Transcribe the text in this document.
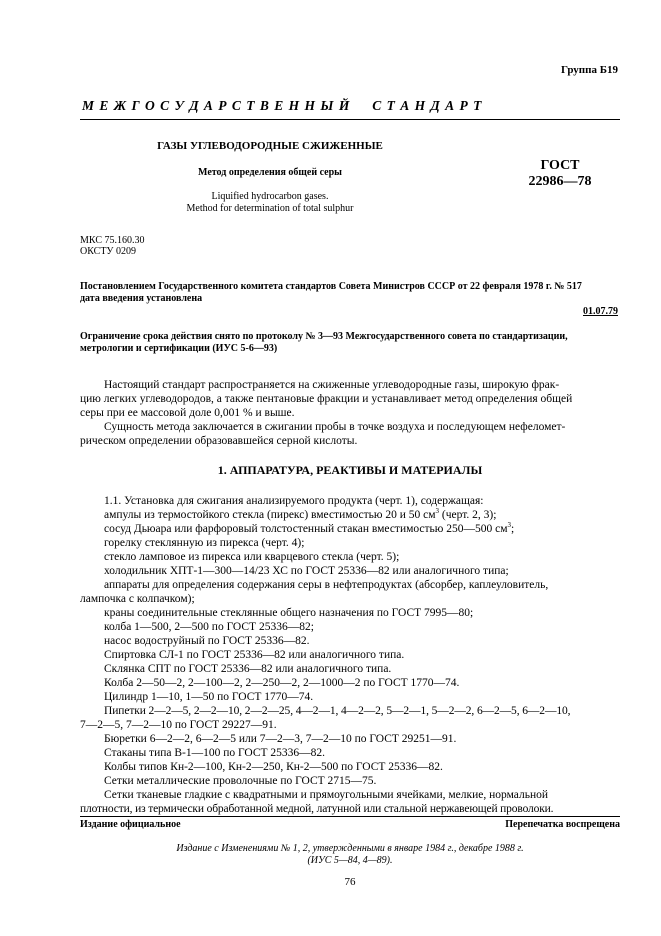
Группа Б19
М Е Ж Г О С У Д А Р С Т В Е Н Н Ы Й     С Т А Н Д А Р Т
ГАЗЫ УГЛЕВОДОРОДНЫЕ СЖИЖЕННЫЕ
Метод определения общей серы
Liquified hydrocarbon gases.
Method for determination of total sulphur
ГОСТ
22986—78
МКС 75.160.30
ОКСТУ 0209
Постановлением Государственного комитета стандартов Совета Министров СССР от 22 февраля 1978 г. № 517
дата введения установлена
01.07.79
Ограничение срока действия снято по протоколу № 3—93 Межгосударственного совета по стандартизации,
метрологии и сертификации (ИУС 5-6—93)
Настоящий стандарт распространяется на сжиженные углеводородные газы, широкую фрак-
цию легких углеводородов, а также пентановые фракции и устанавливает метод определения общей
серы при ее массовой доле 0,001 % и выше.
Сущность метода заключается в сжигании пробы в точке воздуха и последующем нефеломет-
рическом определении образовавшейся серной кислоты.
1. АППАРАТУРА, РЕАКТИВЫ И МАТЕРИАЛЫ
1.1. Установка для сжигания анализируемого продукта (черт. 1), содержащая:
ампулы из термостойкого стекла (пирекс) вместимостью 20 и 50 $см^3$ (черт. 2, 3);
сосуд Дьюара или фарфоровый толстостенный стакан вместимостью 250—500 $см^3$;
горелку стеклянную из пирекса (черт. 4);
стекло ламповое из пирекса или кварцевого стекла (черт. 5);
холодильник ХПТ-1—300—14/23 ХС по ГОСТ 25336—82 или аналогичного типа;
аппараты для определения содержания серы в нефтепродуктах (абсорбер, каплеуловитель,
лампочка с колпачком);
краны соединительные стеклянные общего назначения по ГОСТ 7995—80;
колба 1—500, 2—500 по ГОСТ 25336—82;
насос водоструйный по ГОСТ 25336—82.
Спиртовка СЛ-1 по ГОСТ 25336—82 или аналогичного типа.
Склянка СПТ по ГОСТ 25336—82 или аналогичного типа.
Колба 2—50—2, 2—100—2, 2—250—2, 2—1000—2 по ГОСТ 1770—74.
Цилиндр 1—10, 1—50 по ГОСТ 1770—74.
Пипетки 2—2—5, 2—2—10, 2—2—25, 4—2—1, 4—2—2, 5—2—1, 5—2—2, 6—2—5, 6—2—10,
7—2—5, 7—2—10 по ГОСТ 29227—91.
Бюретки 6—2—2, 6—2—5 или 7—2—3, 7—2—10 по ГОСТ 29251—91.
Стаканы типа В-1—100 по ГОСТ 25336—82.
Колбы типов Кн-2—100, Кн-2—250, Кн-2—500 по ГОСТ 25336—82.
Сетки металлические проволочные по ГОСТ 2715—75.
Сетки тканевые гладкие с квадратными и прямоугольными ячейками, мелкие, нормальной
плотности, из термически обработанной медной, латунной или стальной нержавеющей проволоки.
Издание официальное	Перепечатка воспрещена
Издание с Изменениями № 1, 2, утвержденными в январе 1984 г., декабре 1988 г.
(ИУС 5—84, 4—89).
76
